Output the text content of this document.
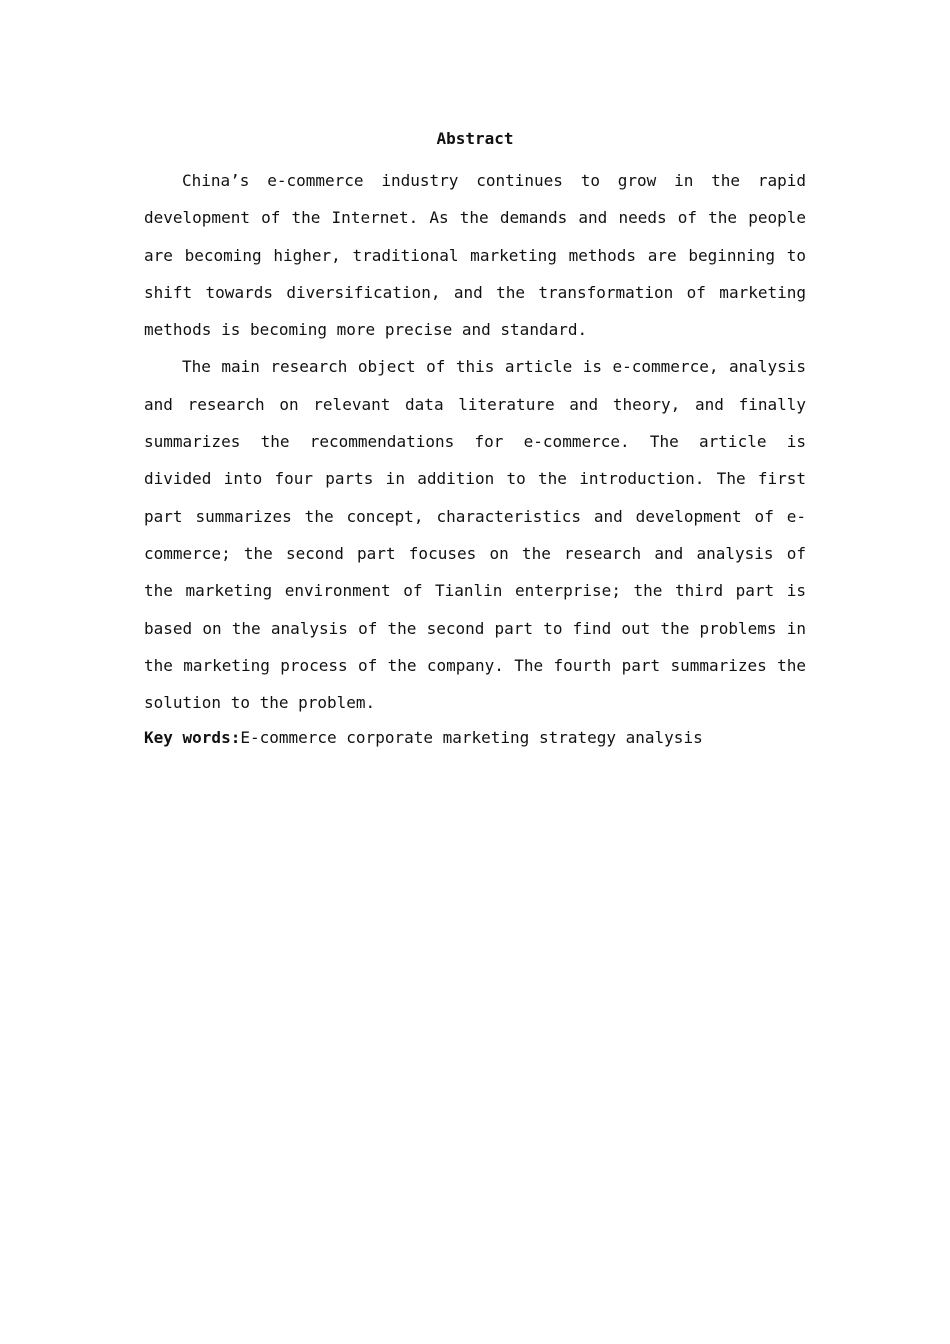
Abstract

China’s e-commerce industry continues to grow in the rapid development of the Internet. As the demands and needs of the people are becoming higher, traditional marketing methods are beginning to shift towards diversification, and the transformation of marketing methods is becoming more precise and standard.

The main research object of this article is e-commerce, analysis and research on relevant data literature and theory, and finally summarizes the recommendations for e-commerce. The article is divided into four parts in addition to the introduction. The first part summarizes the concept, characteristics and development of e-commerce; the second part focuses on the research and analysis of the marketing environment of Tianlin enterprise; the third part is based on the analysis of the second part to find out the problems in the marketing process of the company. The fourth part summarizes the solution to the problem.

Key words:E-commerce corporate marketing strategy analysis
